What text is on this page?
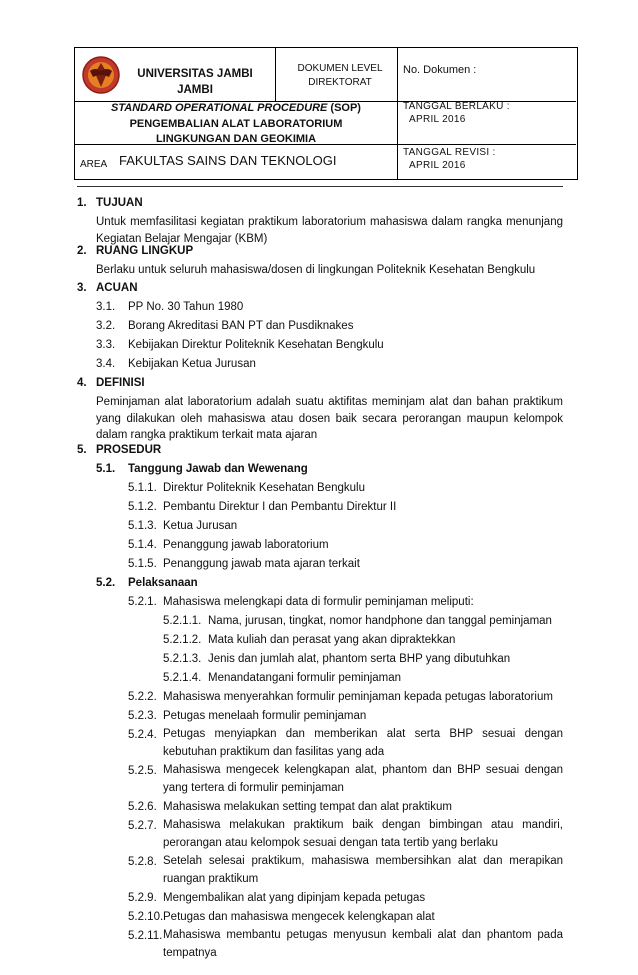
UNIVERSITAS JAMBI
JAMBI
DOKUMEN LEVEL
DIREKTORAT
No. Dokumen :
STANDARD OPERATIONAL PROCEDURE (SOP)
PENGEMBALIAN ALAT LABORATORIUM
LINGKUNGAN DAN GEOKIMIA
TANGGAL BERLAKU :
APRIL 2016
AREA FAKULTAS SAINS DAN TEKNOLOGI
TANGGAL REVISI :
APRIL 2016
1. TUJUAN
Untuk memfasilitasi kegiatan praktikum laboratorium mahasiswa dalam rangka menunjang Kegiatan Belajar Mengajar (KBM)
2. RUANG LINGKUP
Berlaku untuk seluruh mahasiswa/dosen di lingkungan Politeknik Kesehatan Bengkulu
3. ACUAN
3.1. PP No. 30 Tahun 1980
3.2. Borang Akreditasi BAN PT dan Pusdiknakes
3.3. Kebijakan Direktur Politeknik Kesehatan Bengkulu
3.4. Kebijakan Ketua Jurusan
4. DEFINISI
Peminjaman alat laboratorium adalah suatu aktifitas meminjam alat dan bahan praktikum yang dilakukan oleh mahasiswa atau dosen baik secara perorangan maupun kelompok dalam rangka praktikum terkait mata ajaran
5. PROSEDUR
5.1. Tanggung Jawab dan Wewenang
5.1.1. Direktur Politeknik Kesehatan Bengkulu
5.1.2. Pembantu Direktur I dan Pembantu Direktur II
5.1.3. Ketua Jurusan
5.1.4. Penanggung jawab laboratorium
5.1.5. Penanggung jawab mata ajaran terkait
5.2. Pelaksanaan
5.2.1. Mahasiswa melengkapi data di formulir peminjaman meliputi:
5.2.1.1. Nama, jurusan, tingkat, nomor handphone dan tanggal peminjaman
5.2.1.2. Mata kuliah dan perasat yang akan dipraktekkan
5.2.1.3. Jenis dan jumlah alat, phantom serta BHP yang dibutuhkan
5.2.1.4. Menandatangani formulir peminjaman
5.2.2. Mahasiswa menyerahkan formulir peminjaman kepada petugas laboratorium
5.2.3. Petugas menelaah formulir peminjaman
5.2.4. Petugas menyiapkan dan memberikan alat serta BHP sesuai dengan kebutuhan praktikum dan fasilitas yang ada
5.2.5. Mahasiswa mengecek kelengkapan alat, phantom dan BHP sesuai dengan yang tertera di formulir peminjaman
5.2.6. Mahasiswa melakukan setting tempat dan alat praktikum
5.2.7. Mahasiswa melakukan praktikum baik dengan bimbingan atau mandiri, perorangan atau kelompok sesuai dengan tata tertib yang berlaku
5.2.8. Setelah selesai praktikum, mahasiswa membersihkan alat dan merapikan ruangan praktikum
5.2.9. Mengembalikan alat yang dipinjam kepada petugas
5.2.10. Petugas dan mahasiswa mengecek kelengkapan alat
5.2.11. Mahasiswa membantu petugas menyusun kembali alat dan phantom pada tempatnya
